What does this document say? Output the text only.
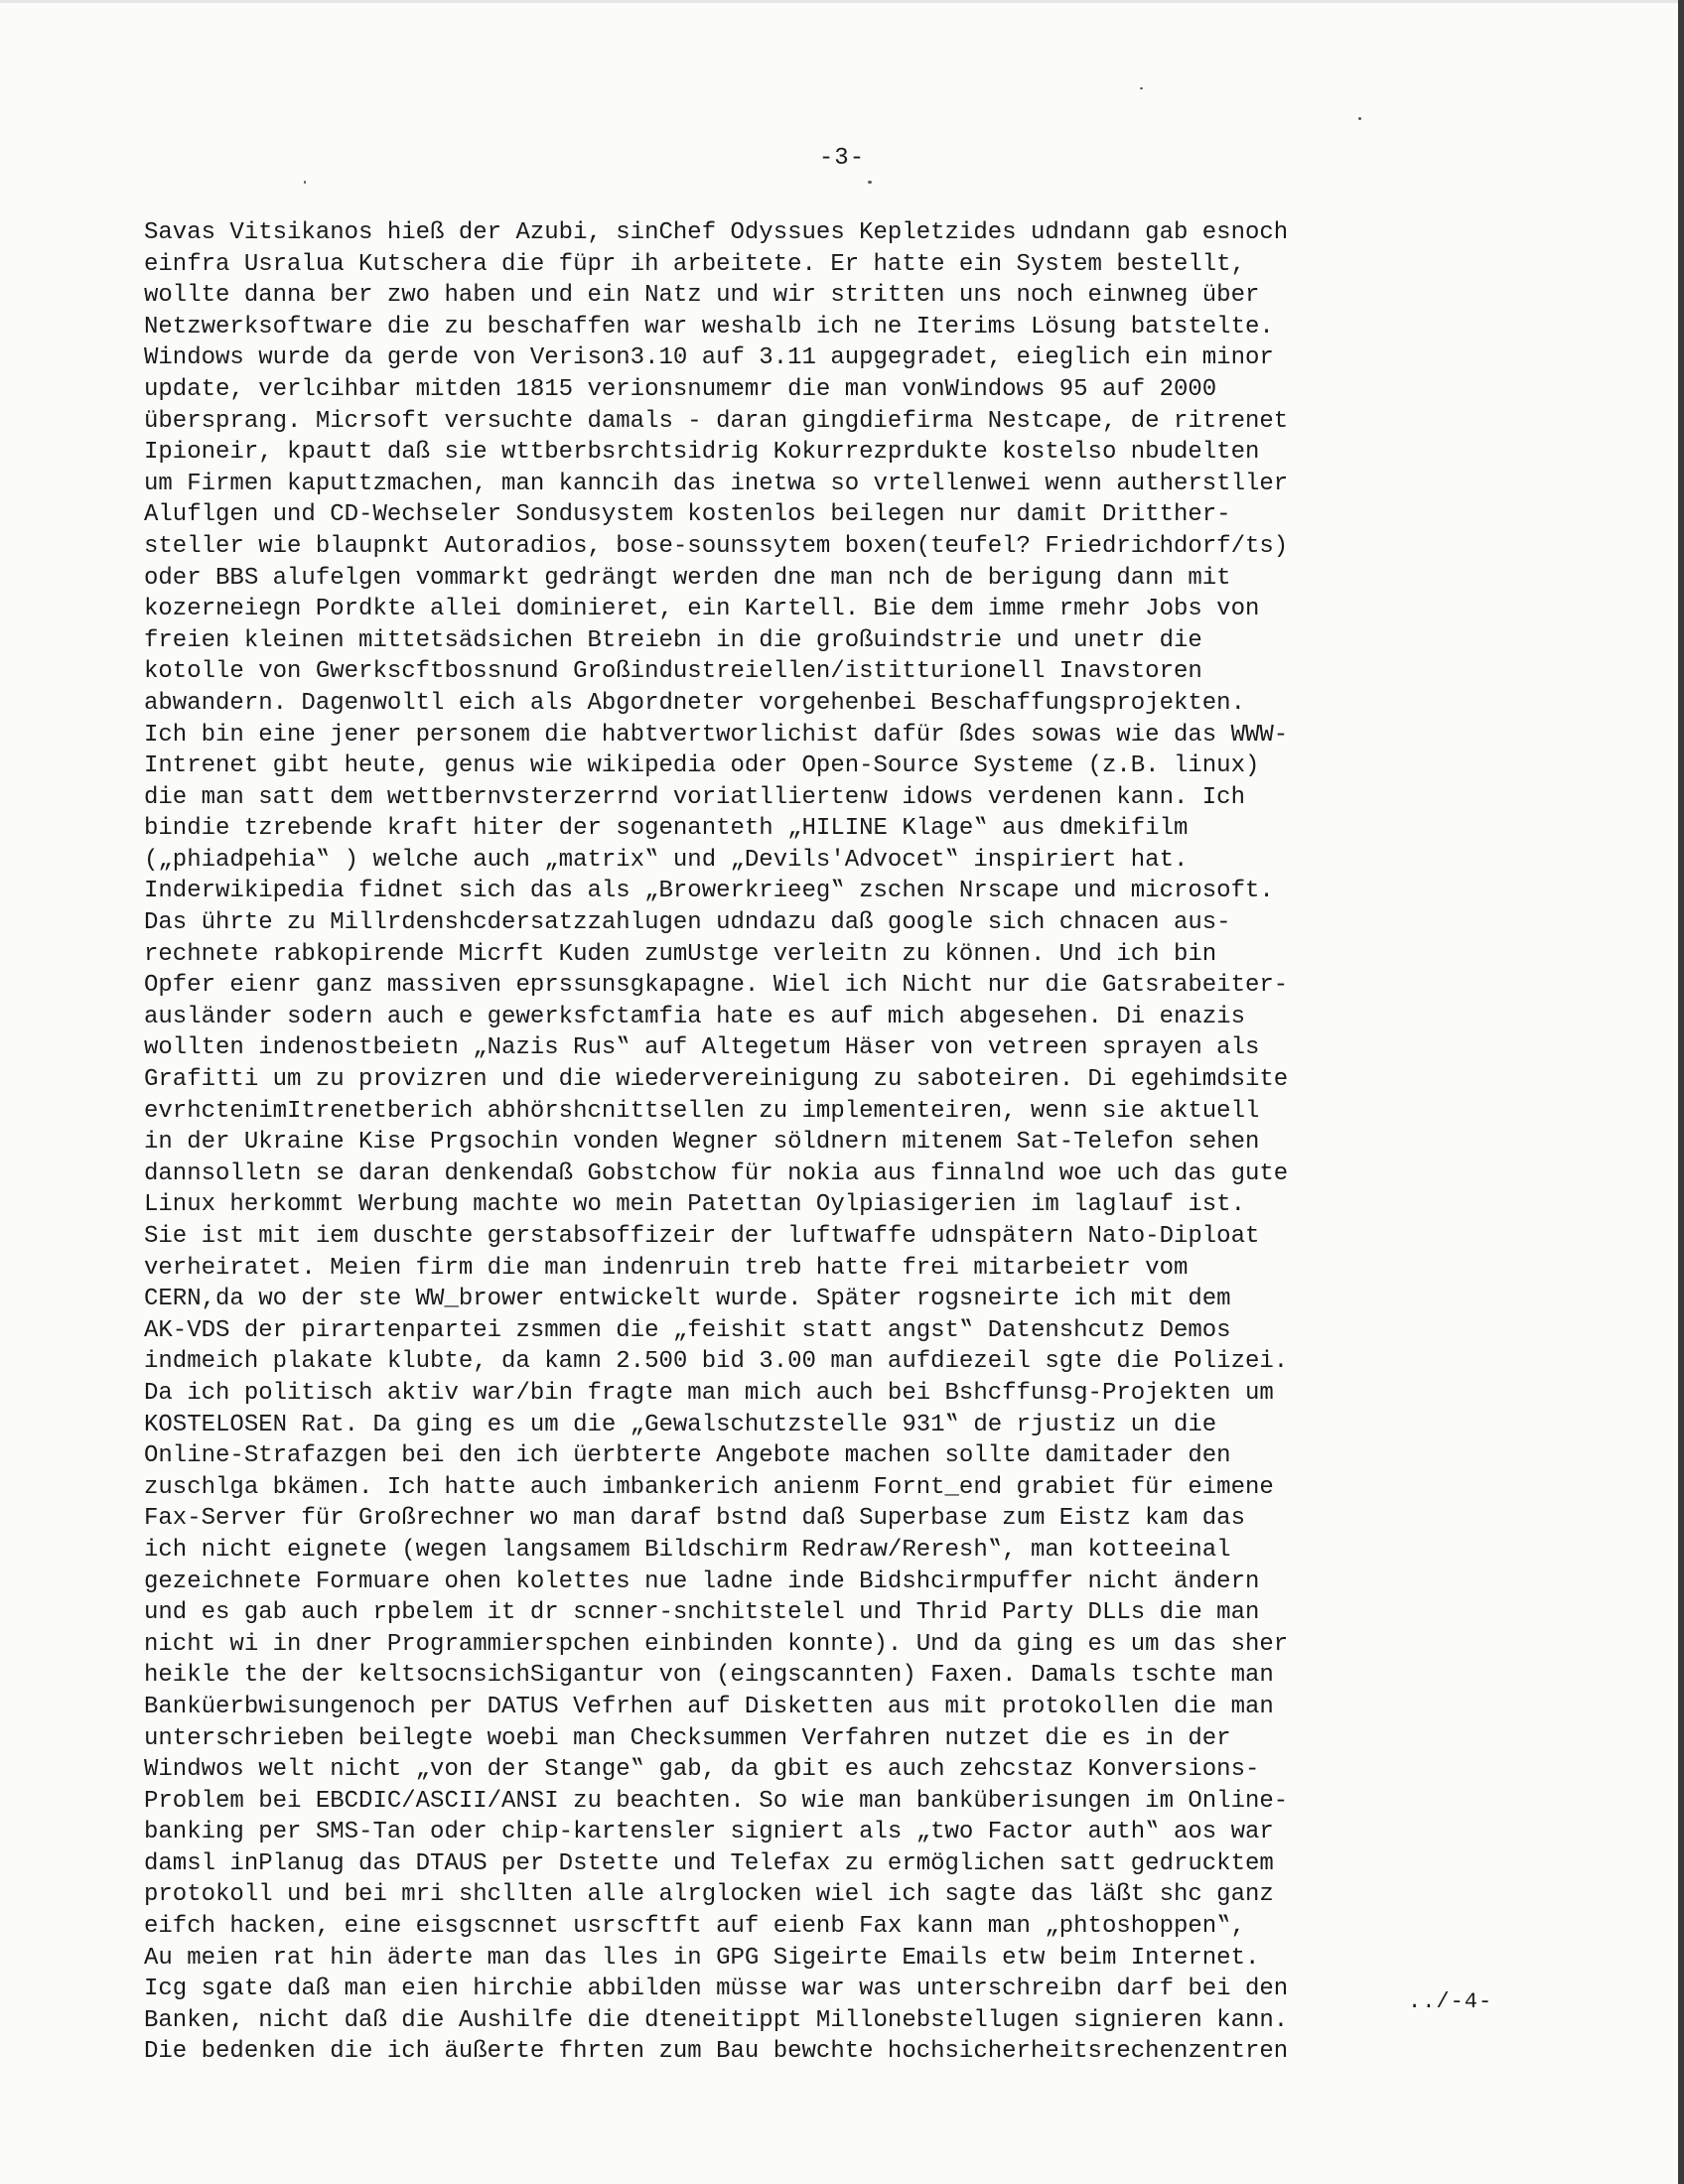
-3-
Savas Vitsikanos hieß der Azubi, sinChef Odyssues Kepletzides udndann gab esnoch
einfra Usralua Kutschera die füpr ih arbeitete. Er hatte ein System bestellt,
wollte danna ber zwo haben und ein Natz und wir stritten uns noch einwneg über
Netzwerksoftware die zu beschaffen war weshalb ich ne Iterims Lösung batstelte.
Windows wurde da gerde von Verison3.10 auf 3.11 aupgegradet, eieglich ein minor
update, verlcihbar mitden 1815 verionsnumemr die man vonWindows 95 auf 2000
übersprang. Micrsoft versuchte damals - daran gingdiefirma Nestcape, de ritrenet
Ipioneir, kpautt daß sie wttberbsrchtsidrig Kokurrezprdukte kostelso nbudelten
um Firmen kaputtzmachen, man kanncih das inetwa so vrtellenwei wenn autherstller
Aluflgen und CD-Wechseler Sondusystem kostenlos beilegen nur damit Dritther-
steller wie blaupnkt Autoradios, bose-sounssytem boxen(teufel? Friedrichdorf/ts)
oder BBS alufelgen vommarkt gedrängt werden dne man nch de berigung dann mit
kozerneiegn Pordkte allei dominieret, ein Kartell. Bie dem imme rmehr Jobs von
freien kleinen mittetsädsichen Btreiebn in die großuindstrie und unetr die
kotolle von Gwerkscftbossnund Großindustreiellen/istitturionell Inavstoren
abwandern. Dagenwoltl eich als Abgordneter vorgehenbei Beschaffungsprojekten.
Ich bin eine jener personem die habtvertworlichist dafür ßdes sowas wie das WWW-
Intrenet gibt heute, genus wie wikipedia oder Open-Source Systeme (z.B. linux)
die man satt dem wettbernvsterzerrnd voriatlliertenw idows verdenen kann. Ich
bindie tzrebende kraft hiter der sogenanteth „HILINE Klage‟ aus dmekifilm
(„phiadpehia‟ ) welche auch „matrix‟ und „Devils'Advocet‟ inspiriert hat.
Inderwikipedia fidnet sich das als „Browerkrieeg‟ zschen Nrscape und microsoft.
Das ührte zu Millrdenshcdersatzzahlugen udndazu daß google sich chnacen aus-
rechnete rabkopirende Micrft Kuden zumUstge verleitn zu können. Und ich bin
Opfer eienr ganz massiven eprssunsgkapagne. Wiel ich Nicht nur die Gatsrabeiter-
ausländer sodern auch e gewerksfctamfia hate es auf mich abgesehen. Di enazis
wollten indenostbeietn „Nazis Rus‟ auf Altegetum Häser von vetreen sprayen als
Grafitti um zu provizren und die wiedervereinigung zu saboteiren. Di egehimdsite
evrhctenimItrenetberich abhörshcnittsellen zu implementeiren, wenn sie aktuell
in der Ukraine Kise Prgsochin vonden Wegner söldnern mitenem Sat-Telefon sehen
dannsolletn se daran denkendaß Gobstchow für nokia aus finnalnd woe uch das gute
Linux herkommt Werbung machte wo mein Patettan Oylpiasigerien im laglauf ist.
Sie ist mit iem duschte gerstabsoffizeir der luftwaffe udnspätern Nato-Diploat
verheiratet. Meien firm die man indenruin treb hatte frei mitarbeietr vom
CERN,da wo der ste WW_brower entwickelt wurde. Später rogsneirte ich mit dem
AK-VDS der pirartenpartei zsmmen die „feishit statt angst‟ Datenshcutz Demos
indmeich plakate klubte, da kamn 2.500 bid 3.00 man aufdiezeil sgte die Polizei.
Da ich politisch aktiv war/bin fragte man mich auch bei Bshcffunsg-Projekten um
KOSTELOSEN Rat. Da ging es um die „Gewalschutzstelle 931‟ de rjustiz un die
Online-Strafazgen bei den ich üerbterte Angebote machen sollte damitader den
zuschlga bkämen. Ich hatte auch imbankerich anienm Fornt_end grabiet für eimene
Fax-Server für Großrechner wo man daraf bstnd daß Superbase zum Eistz kam das
ich nicht eignete (wegen langsamem Bildschirm Redraw/Reresh‟, man kotteeinal
gezeichnete Formuare ohen kolettes nue ladne inde Bidshcirmpuffer nicht ändern
und es gab auch rpbelem it dr scnner-snchitstelel und Thrid Party DLLs die man
nicht wi in dner Programmierspchen einbinden konnte). Und da ging es um das sher
heikle the der keltsocnsichSigantur von (eingscannten) Faxen. Damals tschte man
Banküerbwisungenoch per DATUS Vefrhen auf Disketten aus mit protokollen die man
unterschrieben beilegte woebi man Checksummen Verfahren nutzet die es in der
Windwos welt nicht „von der Stange‟ gab, da gbit es auch zehcstaz Konversions-
Problem bei EBCDIC/ASCII/ANSI zu beachten. So wie man banküberisungen im Online-
banking per SMS-Tan oder chip-kartensler signiert als „two Factor auth‟ aos war
damsl inPlanug das DTAUS per Dstette und Telefax zu ermöglichen satt gedrucktem
protokoll und bei mri shcllten alle alrglocken wiel ich sagte das läßt shc ganz
eifch hacken, eine eisgscnnet usrscftft auf eienb Fax kann man „phtoshoppen‟,
Au meien rat hin äderte man das lles in GPG Sigeirte Emails etw beim Internet.
Icg sgate daß man eien hirchie abbilden müsse war was unterschreibn darf bei den
Banken, nicht daß die Aushilfe die dteneitippt Millonebstellugen signieren kann.
Die bedenken die ich äußerte fhrten zum Bau bewchte hochsicherheitsrechenzentren
../-4-
